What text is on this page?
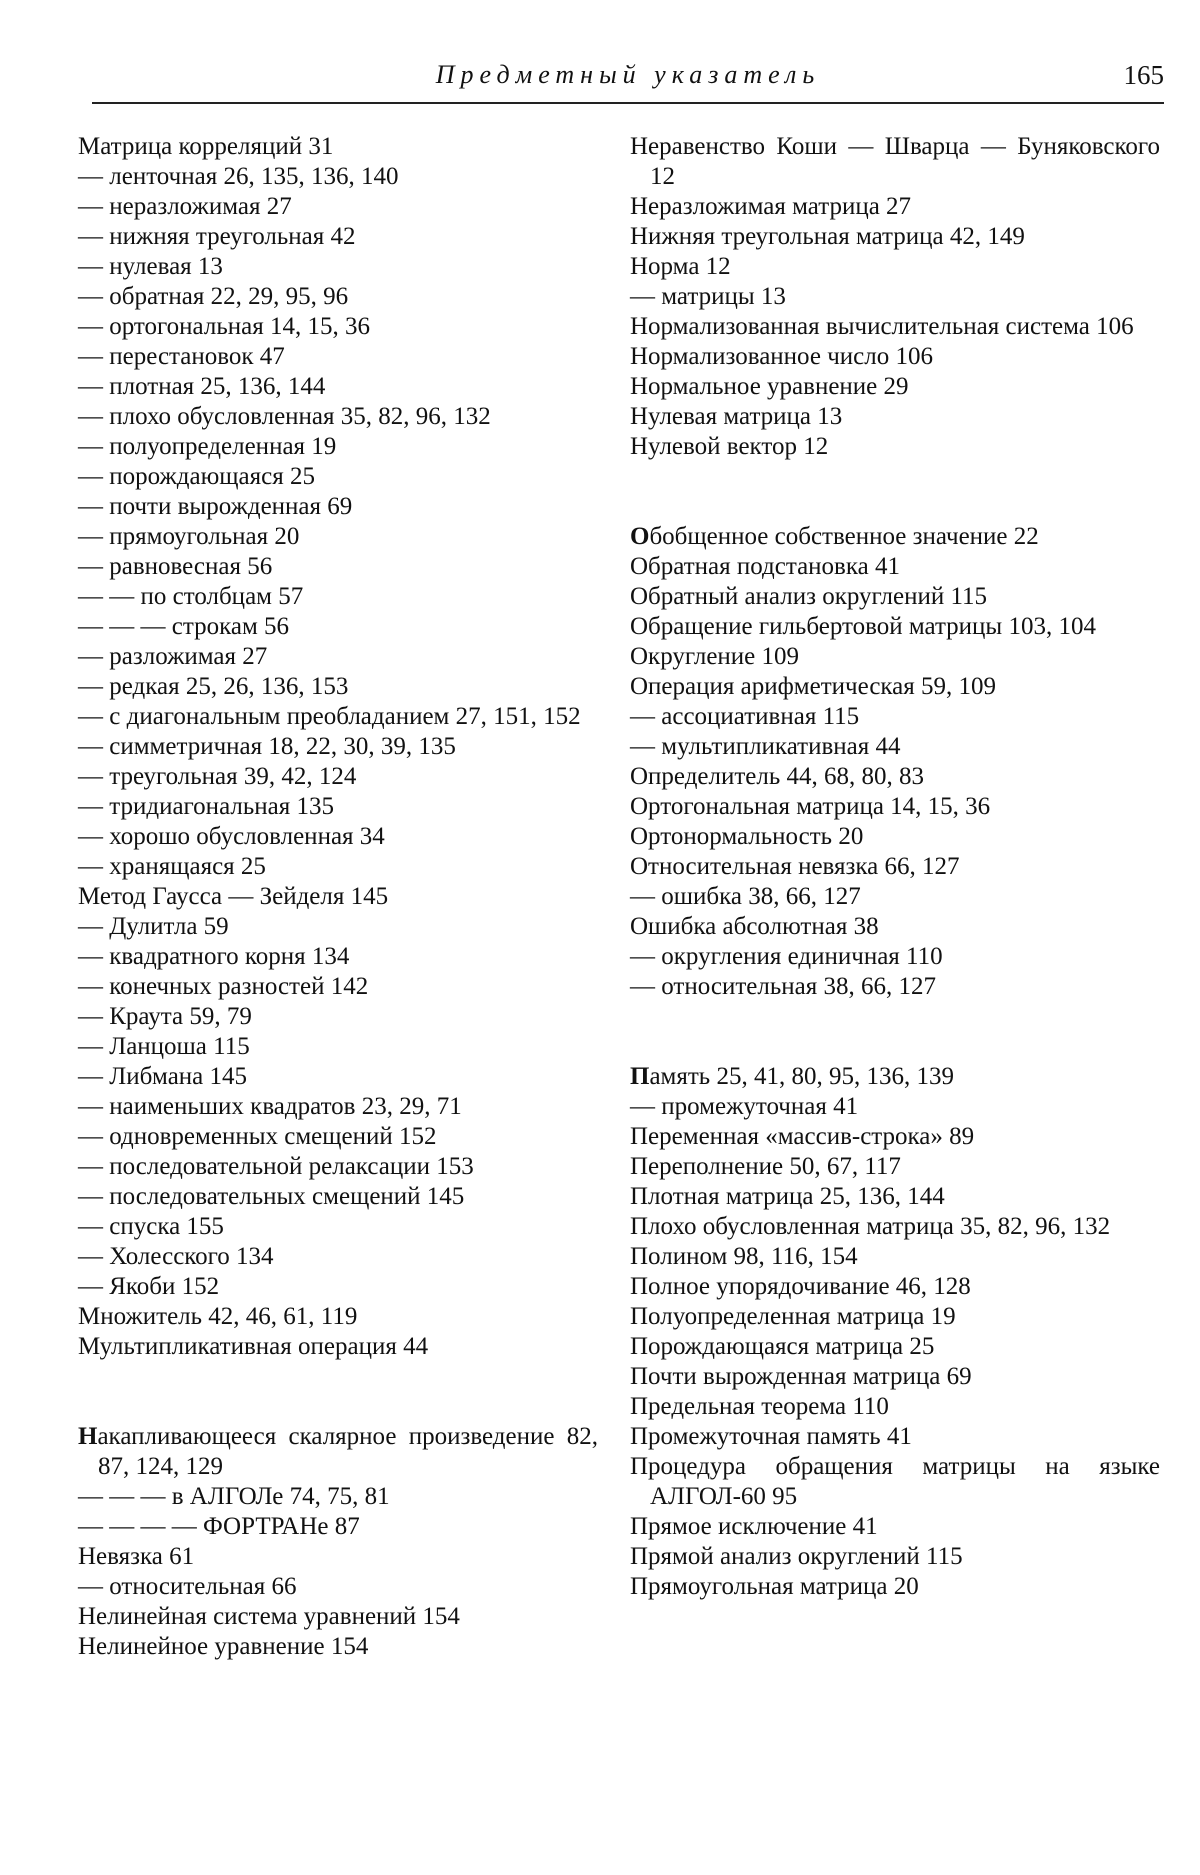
Предметный указатель	165
Матрица корреляций 31
— ленточная 26, 135, 136, 140
— неразложимая 27
— нижняя треугольная 42
— нулевая 13
— обратная 22, 29, 95, 96
— ортогональная 14, 15, 36
— перестановок 47
— плотная 25, 136, 144
— плохо обусловленная 35, 82, 96, 132
— полуопределенная 19
— порождающаяся 25
— почти вырожденная 69
— прямоугольная 20
— равновесная 56
— — по столбцам 57
— — — строкам 56
— разложимая 27
— редкая 25, 26, 136, 153
— с диагональным преобладанием 27, 151, 152
— симметричная 18, 22, 30, 39, 135
— треугольная 39, 42, 124
— тридиагональная 135
— хорошо обусловленная 34
— хранящаяся 25
Метод Гаусса — Зейделя 145
— Дулитла 59
— квадратного корня 134
— конечных разностей 142
— Краута 59, 79
— Ланцоша 115
— Либмана 145
— наименьших квадратов 23, 29, 71
— одновременных смещений 152
— последовательной релаксации 153
— последовательных смещений 145
— спуска 155
— Холесского 134
— Якоби 152
Множитель 42, 46, 61, 119
Мультипликативная операция 44
Накапливающееся скалярное произведение 82, 87, 124, 129
— — — в АЛГОЛе 74, 75, 81
— — — — ФОРТРАНе 87
Невязка 61
— относительная 66
Нелинейная система уравнений 154
Нелинейное уравнение 154
Неравенство Коши — Шварца — Буняковского 12
Неразложимая матрица 27
Нижняя треугольная матрица 42, 149
Норма 12
— матрицы 13
Нормализованная вычислительная система 106
Нормализованное число 106
Нормальное уравнение 29
Нулевая матрица 13
Нулевой вектор 12
Обобщенное собственное значение 22
Обратная подстановка 41
Обратный анализ округлений 115
Обращение гильбертовой матрицы 103, 104
Округление 109
Операция арифметическая 59, 109
— ассоциативная 115
— мультипликативная 44
Определитель 44, 68, 80, 83
Ортогональная матрица 14, 15, 36
Ортонормальность 20
Относительная невязка 66, 127
— ошибка 38, 66, 127
Ошибка абсолютная 38
— округления единичная 110
— относительная 38, 66, 127
Память 25, 41, 80, 95, 136, 139
— промежуточная 41
Переменная «массив-строка» 89
Переполнение 50, 67, 117
Плотная матрица 25, 136, 144
Плохо обусловленная матрица 35, 82, 96, 132
Полином 98, 116, 154
Полное упорядочивание 46, 128
Полуопределенная матрица 19
Порождающаяся матрица 25
Почти вырожденная матрица 69
Предельная теорема 110
Промежуточная память 41
Процедура обращения матрицы на языке АЛГОЛ-60 95
Прямое исключение 41
Прямой анализ округлений 115
Прямоугольная матрица 20
